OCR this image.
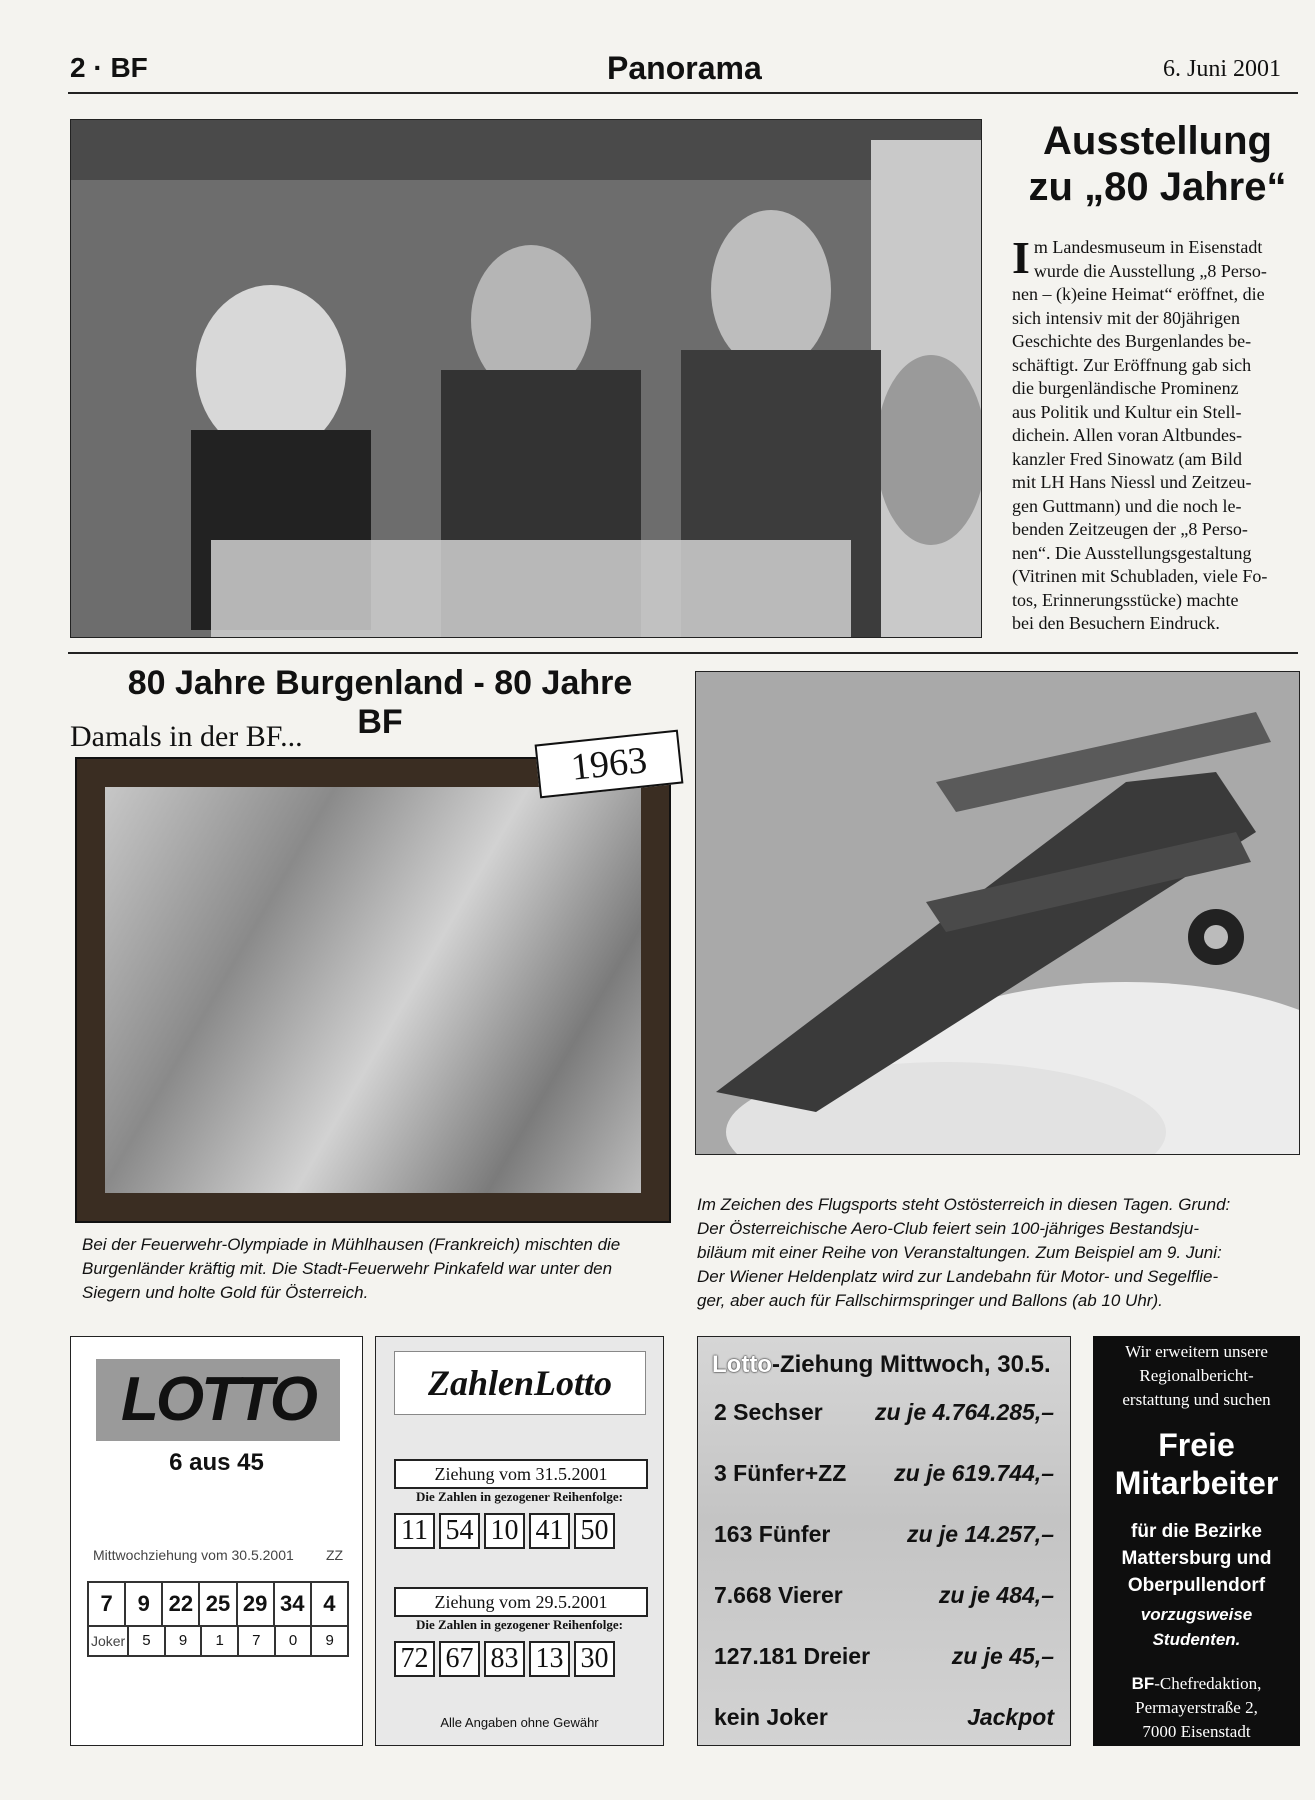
2 · BF	Panorama	6. Juni 2001
Ausstellung
zu „80 Jahre“
I m Landesmuseum in Eisenstadt
wurde die Ausstellung „8 Perso-
nen – (k)eine Heimat“ eröffnet, die
sich intensiv mit der 80jährigen
Geschichte des Burgenlandes be-
schäftigt. Zur Eröffnung gab sich
die burgenländische Prominenz
aus Politik und Kultur ein Stell-
dichein. Allen voran Altbundes-
kanzler Fred Sinowatz (am Bild
mit LH Hans Niessl und Zeitzeu-
gen Guttmann) und die noch le-
benden Zeitzeugen der „8 Perso-
nen“. Die Ausstellungsgestaltung
(Vitrinen mit Schubladen, viele Fo-
tos, Erinnerungsstücke) machte
bei den Besuchern Eindruck.
80 Jahre Burgenland - 80 Jahre BF
Damals in der BF...
1963
Bei der Feuerwehr-Olympiade in Mühlhausen (Frankreich) mischten die
Burgenländer kräftig mit. Die Stadt-Feuerwehr Pinkafeld war unter den
Siegern und holte Gold für Österreich.
Im Zeichen des Flugsports steht Ostösterreich in diesen Tagen. Grund:
Der Österreichische Aero-Club feiert sein 100-jähriges Bestandsju-
biläum mit einer Reihe von Veranstaltungen. Zum Beispiel am 9. Juni:
Der Wiener Heldenplatz wird zur Landebahn für Motor- und Segelflie-
ger, aber auch für Fallschirmspringer und Ballons (ab 10 Uhr).
LOTTO
6 aus 45
Mittwochziehung vom 30.5.2001 ZZ
7	9 22 25 29 34 4
Joker	5	9	1	7	0	9
ZahlenLotto
Ziehung vom 31.5.2001
Die Zahlen in gezogener Reihenfolge:
11 54 10 41 50
Ziehung vom 29.5.2001
Die Zahlen in gezogener Reihenfolge:
72 67 83 13 30
Alle Angaben ohne Gewähr
Lotto-Ziehung Mittwoch, 30.5.
2 Sechser zu je 4.764.285,–
3 Fünfer+ZZ zu je 619.744,–
163 Fünfer	zu je 14.257,–
7.668 Vierer	zu je 484,–
127.181 Dreier	zu je 45,–
kein Joker	Jackpot
Wir erweitern unsere
Regionalbericht-
erstattung und suchen
Freie
Mitarbeiter
für die Bezirke
Mattersburg und
Oberpullendorf
vorzugsweise
Studenten.
BF-Chefredaktion,
Permayerstraße 2,
7000 Eisenstadt
